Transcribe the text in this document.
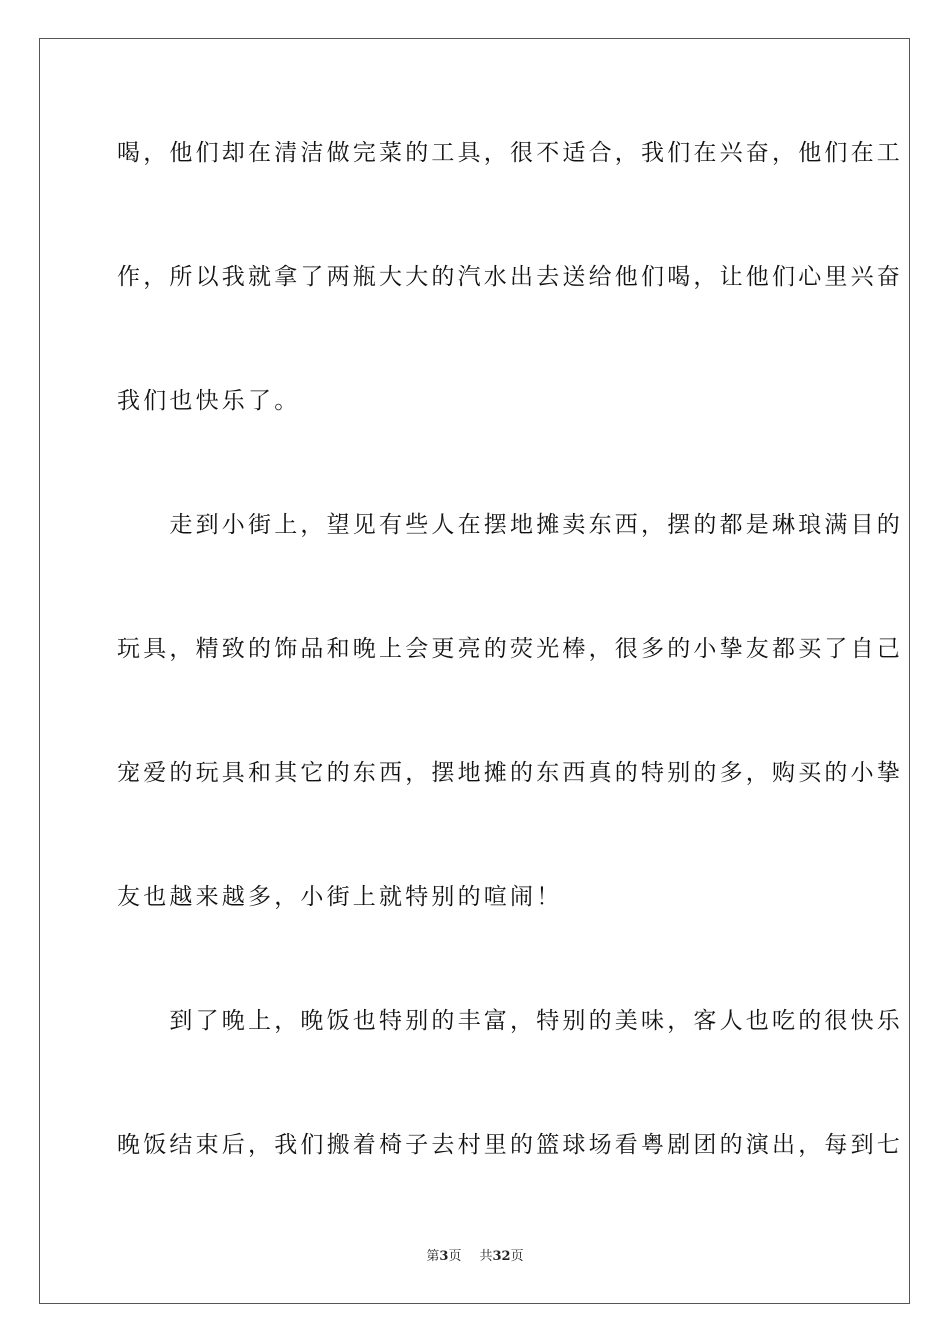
喝，他们却在清洁做完菜的工具，很不适合，我们在兴奋，他们在工
作，所以我就拿了两瓶大大的汽水出去送给他们喝，让他们心里兴奋
我们也快乐了。
　　走到小街上，望见有些人在摆地摊卖东西，摆的都是琳琅满目的
玩具，精致的饰品和晚上会更亮的荧光棒，很多的小挚友都买了自己
宠爱的玩具和其它的东西，摆地摊的东西真的特别的多，购买的小挚
友也越来越多，小街上就特别的喧闹！
　　到了晚上，晚饭也特别的丰富，特别的美味，客人也吃的很快乐
晚饭结束后，我们搬着椅子去村里的篮球场看粤剧团的演出，每到七
第3页 共32页
